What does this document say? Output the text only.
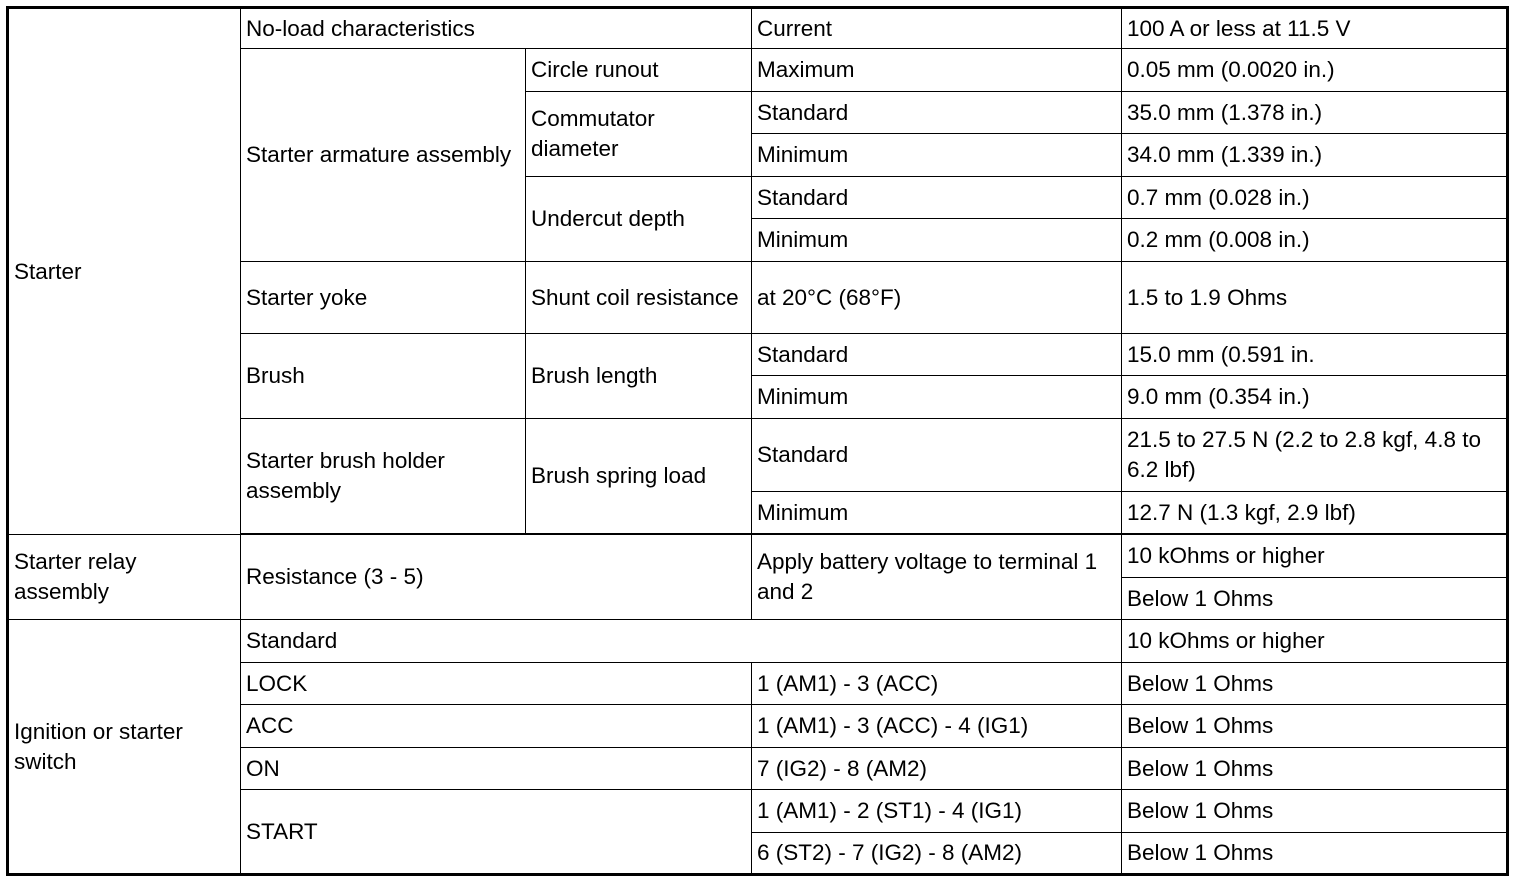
Starter	No-load characteristics		Current	100 A or less at 11.5 V
	Starter armature assembly	Circle runout	Maximum	0.05 mm (0.0020 in.)
		Commutator diameter	Standard	35.0 mm (1.378 in.)
			Minimum	34.0 mm (1.339 in.)
		Undercut depth	Standard	0.7 mm (0.028 in.)
			Minimum	0.2 mm (0.008 in.)
	Starter yoke	Shunt coil resistance	at 20°C (68°F)	1.5 to 1.9 Ohms
	Brush	Brush length	Standard	15.0 mm (0.591 in.
			Minimum	9.0 mm (0.354 in.)
	Starter brush holder assembly	Brush spring load	Standard	21.5 to 27.5 N (2.2 to 2.8 kgf, 4.8 to 6.2 lbf)
			Minimum	12.7 N (1.3 kgf, 2.9 lbf)

Starter relay assembly	Resistance (3 - 5)		Apply battery voltage to terminal 1 and 2	10 kOhms or higher
				Below 1 Ohms
Ignition or starter switch	Standard			10 kOhms or higher
	LOCK		1 (AM1) - 3 (ACC)	Below 1 Ohms
	ACC		1 (AM1) - 3 (ACC) - 4 (IG1)	Below 1 Ohms
	ON		7 (IG2) - 8 (AM2)	Below 1 Ohms
	START		1 (AM1) - 2 (ST1) - 4 (IG1)	Below 1 Ohms
			6 (ST2) - 7 (IG2) - 8 (AM2)	Below 1 Ohms
